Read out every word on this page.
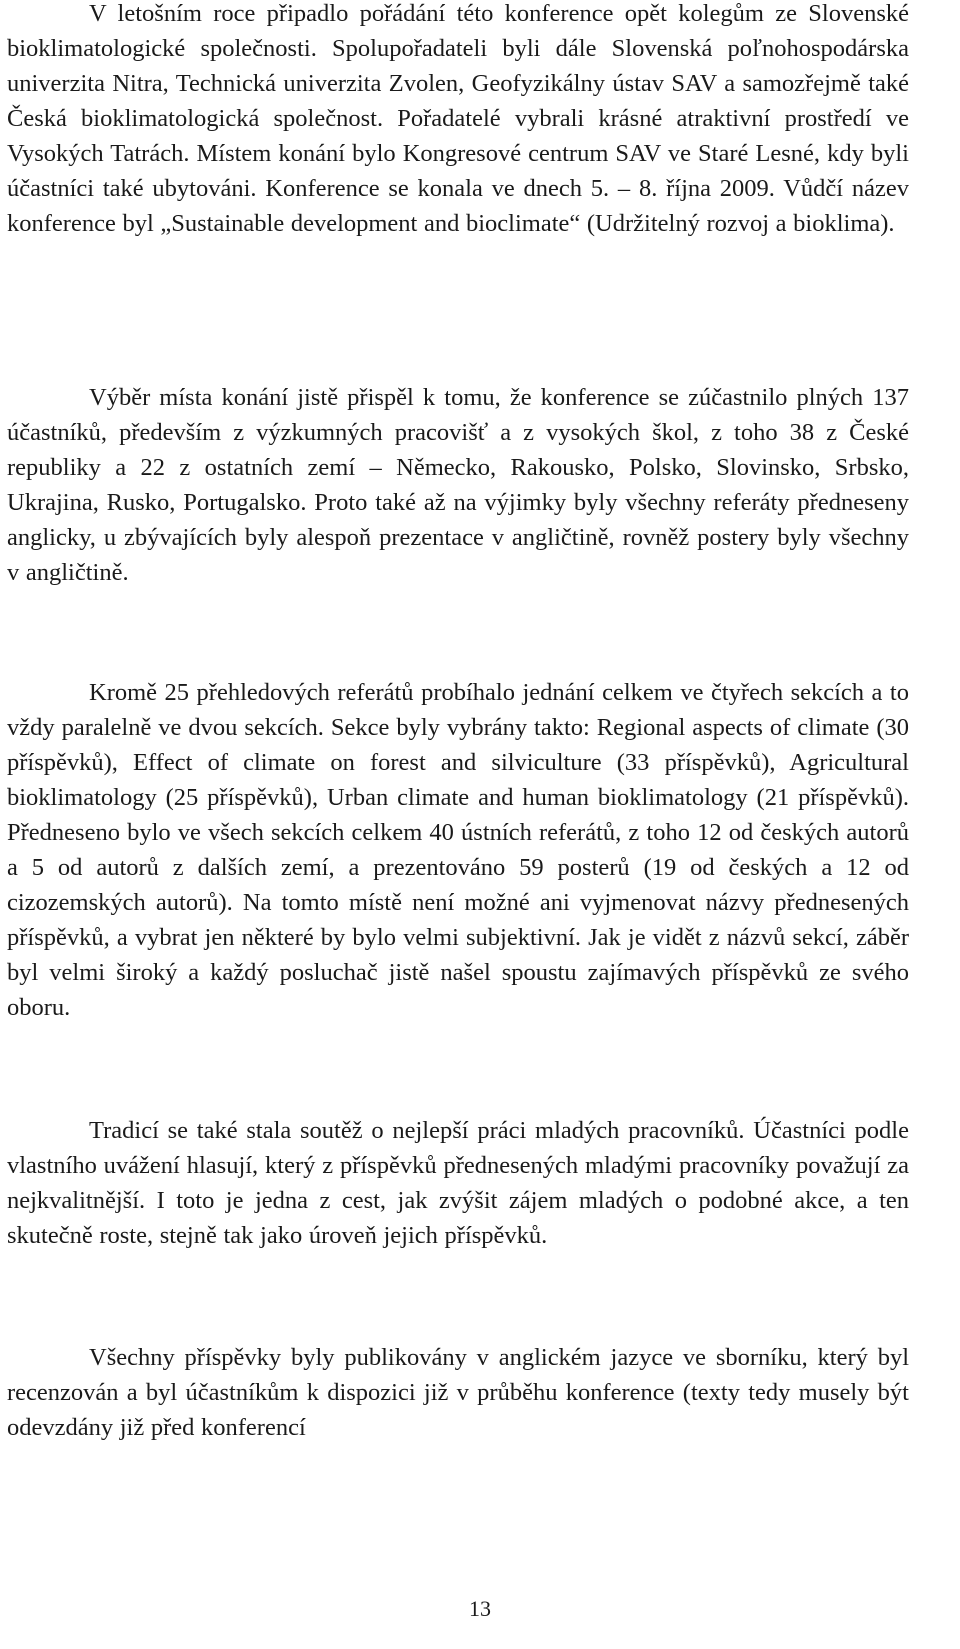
V letošním roce připadlo pořádání této konference opět kolegům ze Slovenské bioklimatologické společnosti. Spolupořadateli byli dále Slovenská poľnohospodárska univerzita Nitra, Technická univerzita Zvolen, Geofyzikálny ústav SAV a samozřejmě také Česká bioklimatologická společnost. Pořadatelé vybrali krásné atraktivní prostředí ve Vysokých Tatrách. Místem konání bylo Kongresové centrum SAV ve Staré Lesné, kdy byli účastníci také ubytováni. Konference se konala ve dnech 5. – 8. října 2009. Vůdčí název konference byl „Sustainable development and bioclimate“ (Udržitelný rozvoj a bioklima).

Výběr místa konání jistě přispěl k tomu, že konference se zúčastnilo plných 137 účastníků, především z výzkumných pracovišť a z vysokých škol, z toho 38 z České republiky a 22 z ostatních zemí – Německo, Rakousko, Polsko, Slovinsko, Srbsko, Ukrajina, Rusko, Portugalsko. Proto také až na výjimky byly všechny referáty předneseny anglicky, u zbývajících byly alespoň prezentace v angličtině, rovněž postery byly všechny v angličtině.

Kromě 25 přehledových referátů probíhalo jednání celkem ve čtyřech sekcích a to vždy paralelně ve dvou sekcích. Sekce byly vybrány takto: Regional aspects of climate (30 příspěvků), Effect of climate on forest and silviculture (33 příspěvků), Agricultural bioklimatology (25 příspěvků), Urban climate and human bioklimatology (21 příspěvků). Předneseno bylo ve všech sekcích celkem 40 ústních referátů, z toho 12 od českých autorů a 5 od autorů z dalších zemí, a prezentováno 59 posterů (19 od českých a 12 od cizozemských autorů). Na tomto místě není možné ani vyjmenovat názvy přednesených příspěvků, a vybrat jen některé by bylo velmi subjektivní. Jak je vidět z názvů sekcí, záběr byl velmi široký a každý posluchač jistě našel spoustu zajímavých příspěvků ze svého oboru.

Tradicí se také stala soutěž o nejlepší práci mladých pracovníků. Účastníci podle vlastního uvážení hlasují, který z příspěvků přednesených mladými pracovníky považují za nejkvalitnější. I toto je jedna z cest, jak zvýšit zájem mladých o podobné akce, a ten skutečně roste, stejně tak jako úroveň jejich příspěvků.

Všechny příspěvky byly publikovány v anglickém jazyce ve sborníku, který byl recenzován a byl účastníkům k dispozici již v průběhu konference (texty tedy musely být odevzdány již před konferencí

13
